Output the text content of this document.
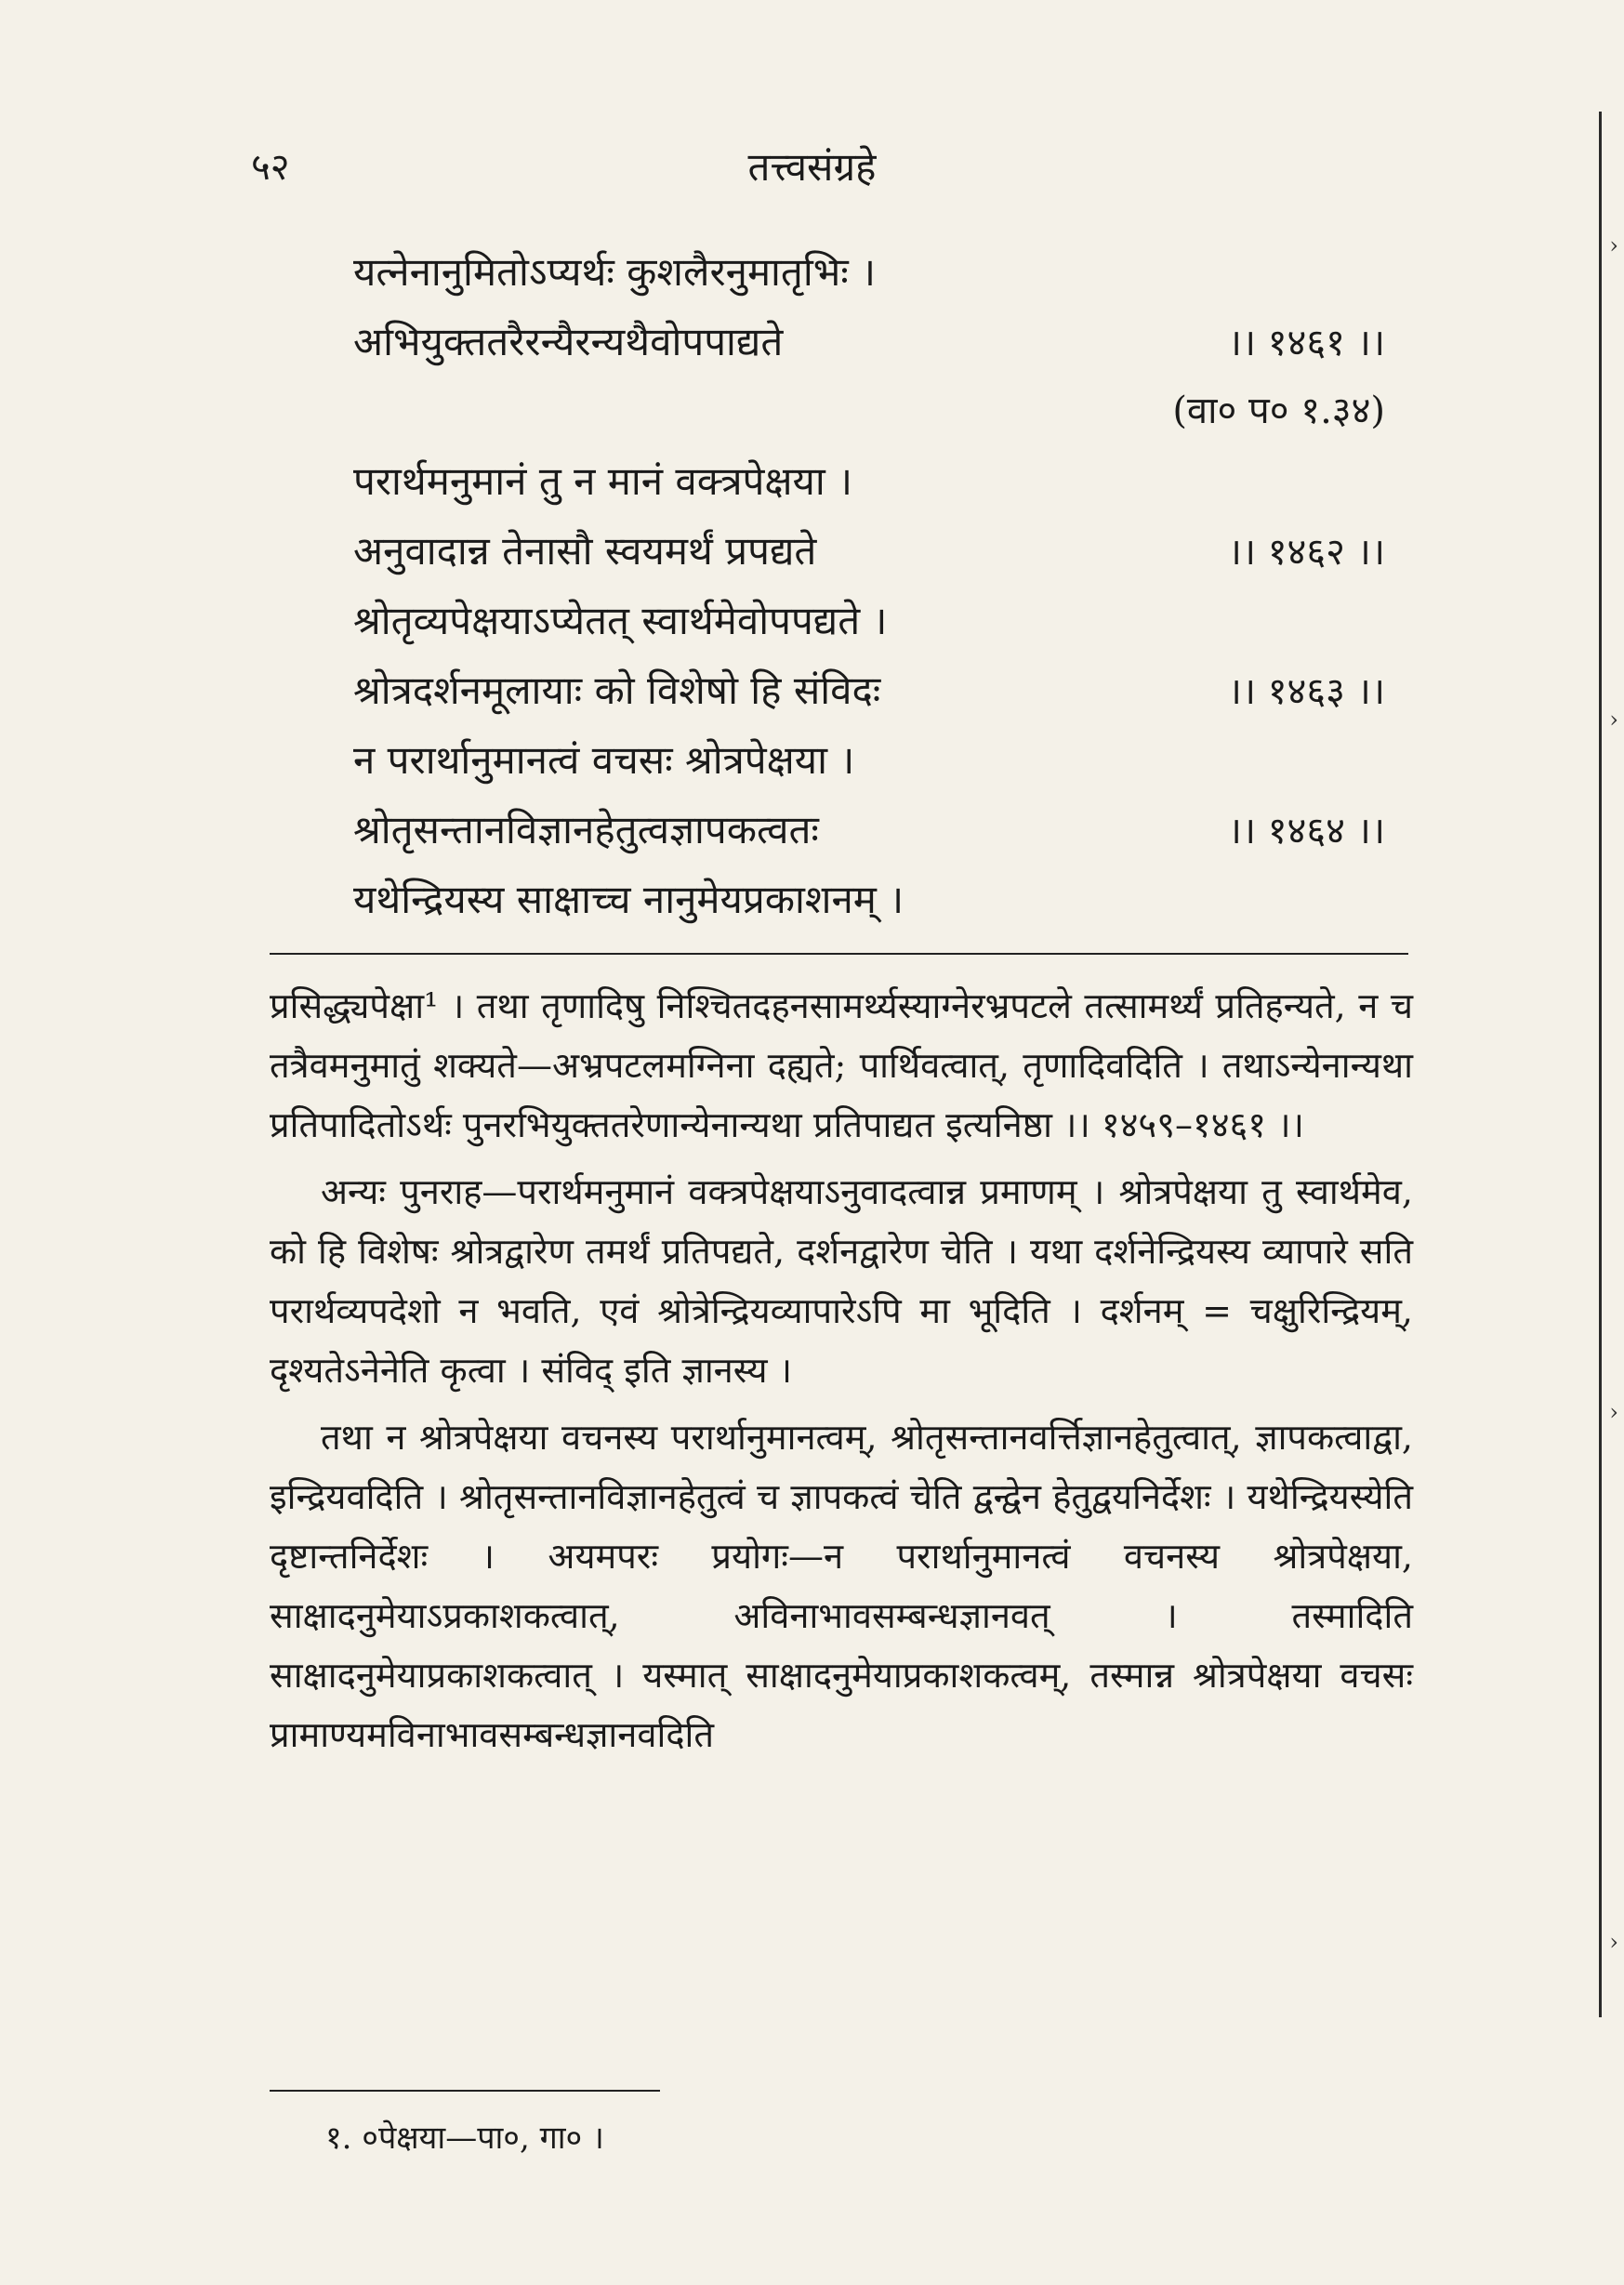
›
›
›
›
५२	तत्त्वसंग्रहे
यत्नेनानुमितोऽप्यर्थः कुशलैरनुमातृभिः ।
अभियुक्ततरैरन्यैरन्यथैवोपपाद्यते	।। १४६१ ।।
(वा० प० १.३४)
परार्थमनुमानं तु न मानं वक्त्रपेक्षया ।
अनुवादान्न तेनासौ स्वयमर्थं प्रपद्यते	।। १४६२ ।।
श्रोतृव्यपेक्षयाऽप्येतत् स्वार्थमेवोपपद्यते ।
श्रोत्रदर्शनमूलायाः को विशेषो हि संविदः	।। १४६३ ।।
न परार्थानुमानत्वं वचसः श्रोत्रपेक्षया ।
श्रोतृसन्तानविज्ञानहेतुत्वज्ञापकत्वतः	।। १४६४ ।।
यथेन्द्रियस्य साक्षाच्च नानुमेयप्रकाशनम् ।

प्रसिद्ध्यपेक्षा¹ । तथा तृणादिषु निश्चितदहनसामर्थ्यस्याग्नेरभ्रपटले तत्सामर्थ्यं प्रतिहन्यते, न च तत्रैवमनुमातुं शक्यते—अभ्रपटलमग्निना दह्यते; पार्थिवत्वात्, तृणादिवदिति । तथाऽन्येनान्यथा प्रतिपादितोऽर्थः पुनरभियुक्ततरेणान्येनान्यथा प्रतिपाद्यत इत्यनिष्ठा ।। १४५९–१४६१ ।।

अन्यः पुनराह—परार्थमनुमानं वक्त्रपेक्षयाऽनुवादत्वान्न प्रमाणम् । श्रोत्रपेक्षया तु स्वार्थमेव, को हि विशेषः श्रोत्रद्वारेण तमर्थं प्रतिपद्यते, दर्शनद्वारेण चेति । यथा दर्शनेन्द्रियस्य व्यापारे सति परार्थव्यपदेशो न भवति, एवं श्रोत्रेन्द्रियव्यापारेऽपि मा भूदिति । दर्शनम् = चक्षुरिन्द्रियम्, दृश्यतेऽनेनेति कृत्वा । संविद् इति ज्ञानस्य ।

तथा न श्रोत्रपेक्षया वचनस्य परार्थानुमानत्वम्, श्रोतृसन्तानवर्त्तिज्ञानहेतुत्वात्, ज्ञापकत्वाद्वा, इन्द्रियवदिति । श्रोतृसन्तानविज्ञानहेतुत्वं च ज्ञापकत्वं चेति द्वन्द्वेन हेतुद्वयनिर्देशः । यथेन्द्रियस्येति दृष्टान्तनिर्देशः । अयमपरः प्रयोगः—न परार्थानुमानत्वं वचनस्य श्रोत्रपेक्षया, साक्षादनुमेयाऽप्रकाशकत्वात्, अविनाभावसम्बन्धज्ञानवत् । तस्मादिति साक्षादनुमेयाप्रकाशकत्वात् । यस्मात् साक्षादनुमेयाप्रकाशकत्वम्, तस्मान्न श्रोत्रपेक्षया वचसः प्रामाण्यमविनाभावसम्बन्धज्ञानवदिति

१. ०पेक्षया—पा०, गा० ।
